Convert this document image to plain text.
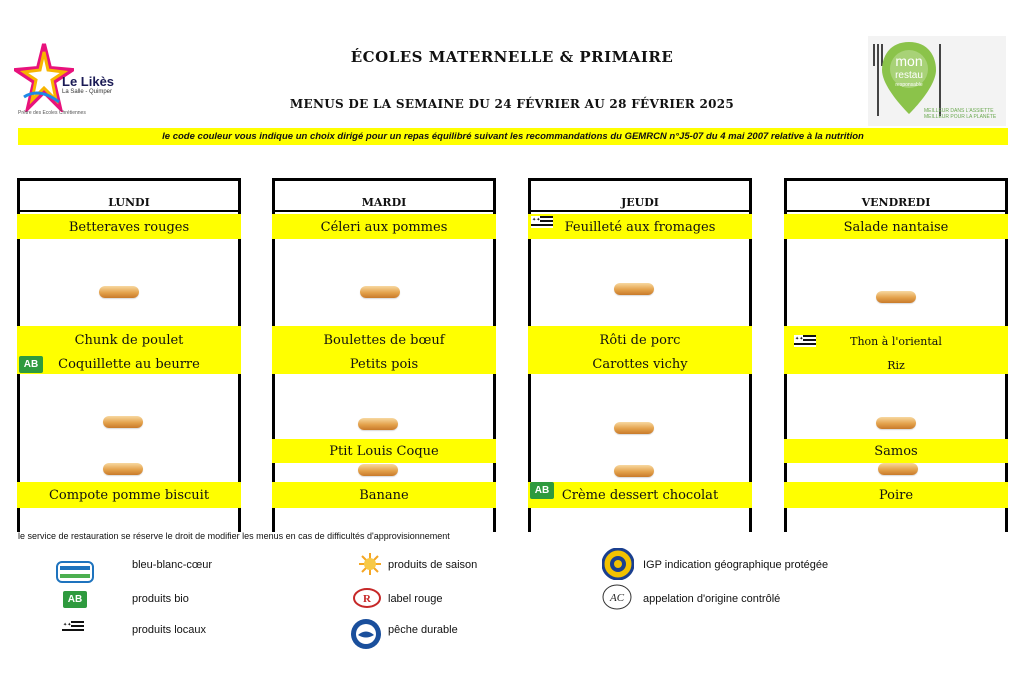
Le Likès
La Salle - Quimper
Prêtre des Ecoles Chrétiennes
ÉCOLES MATERNELLE & PRIMAIRE
MENUS DE LA SEMAINE DU 24 FÉVRIER AU 28 FÉVRIER 2025
mon
restau
responsable
MEILLEUR DANS L'ASSIETTE
MEILLEUR POUR LA PLANÈTE
le code couleur vous indique un choix dirigé pour un repas équilibré suivant les recommandations du GEMRCN n°J5-07 du 4 mai 2007 relative à la nutrition
LUNDI
Betteraves rouges
Chunk de poulet
AB	Coquillette au beurre
Compote pomme biscuit
MARDI
Céleri aux pommes
Boulettes de bœuf
Petits pois
Ptit Louis Coque
Banane
JEUDI
✦✦	Feuilleté aux fromages
Rôti de porc
Carottes vichy
AB Crème dessert chocolat
VENDREDI
Salade nantaise
✦✦	Thon à l'oriental
Riz
Samos
Poire
le service de restauration se réserve le droit de modifier les menus en cas de difficultés d'approvisionnement
bleu-blanc-cœur
AB	produits bio
✦✦	produits locaux
produits de saison
R label rouge
pêche durable
IGP indication géographique protégée
AC appelation d'origine contrôlé
